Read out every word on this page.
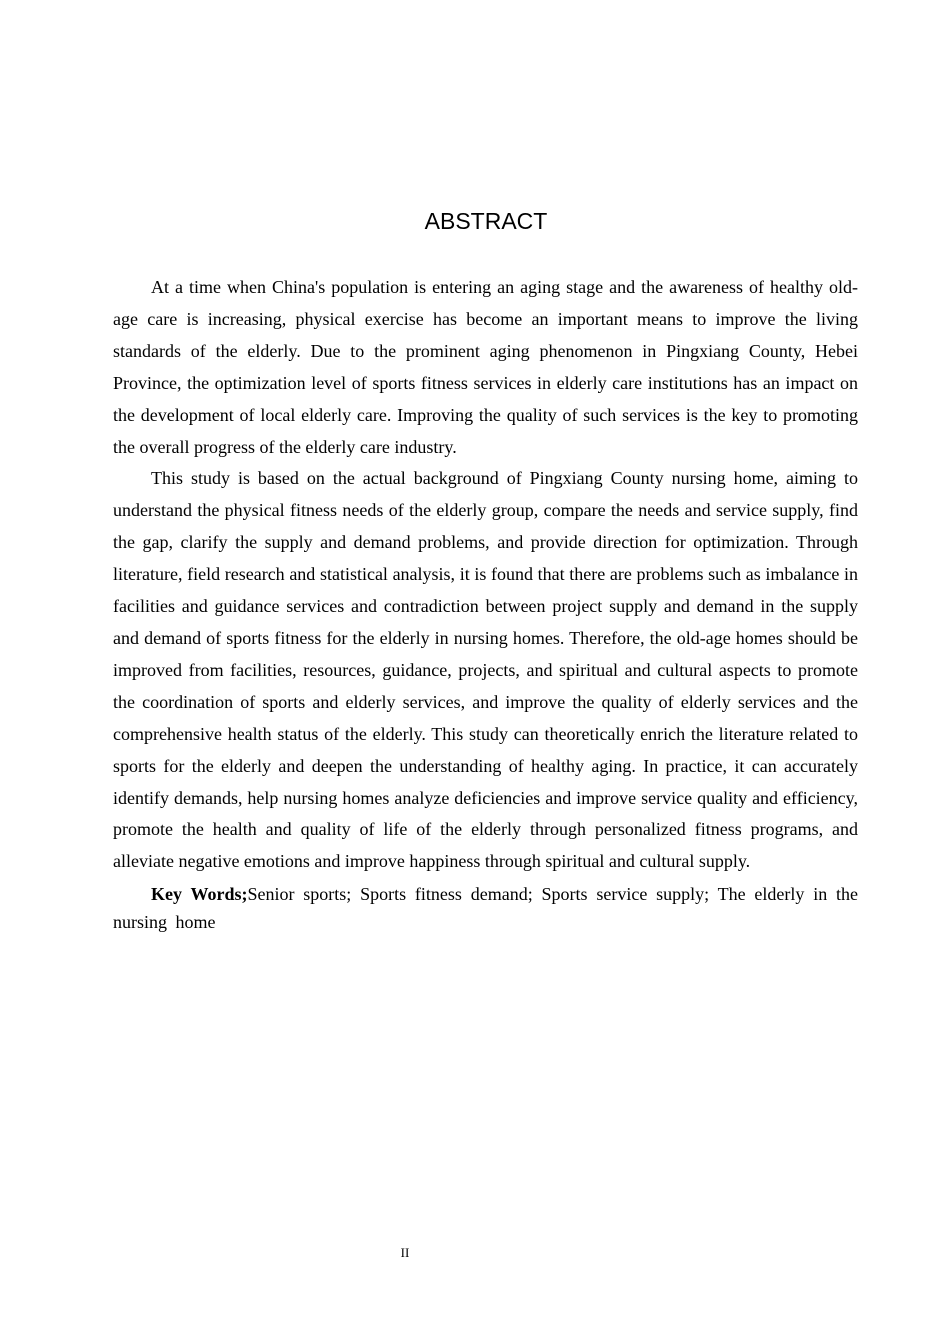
ABSTRACT

At a time when China's population is entering an aging stage and the awareness of healthy old-age care is increasing, physical exercise has become an important means to improve the living standards of the elderly. Due to the prominent aging phenomenon in Pingxiang County, Hebei Province, the optimization level of sports fitness services in elderly care institutions has an impact on the development of local elderly care. Improving the quality of such services is the key to promoting the overall progress of the elderly care industry.

This study is based on the actual background of Pingxiang County nursing home, aiming to understand the physical fitness needs of the elderly group, compare the needs and service supply, find the gap, clarify the supply and demand problems, and provide direction for optimization. Through literature, field research and statistical analysis, it is found that there are problems such as imbalance in facilities and guidance services and contradiction between project supply and demand in the supply and demand of sports fitness for the elderly in nursing homes. Therefore, the old-age homes should be improved from facilities, resources, guidance, projects, and spiritual and cultural aspects to promote the coordination of sports and elderly services, and improve the quality of elderly services and the comprehensive health status of the elderly. This study can theoretically enrich the literature related to sports for the elderly and deepen the understanding of healthy aging. In practice, it can accurately identify demands, help nursing homes analyze deficiencies and improve service quality and efficiency, promote the health and quality of life of the elderly through personalized fitness programs, and alleviate negative emotions and improve happiness through spiritual and cultural supply.

Key Words;Senior sports; Sports fitness demand; Sports service supply; The elderly in the nursing home

II
